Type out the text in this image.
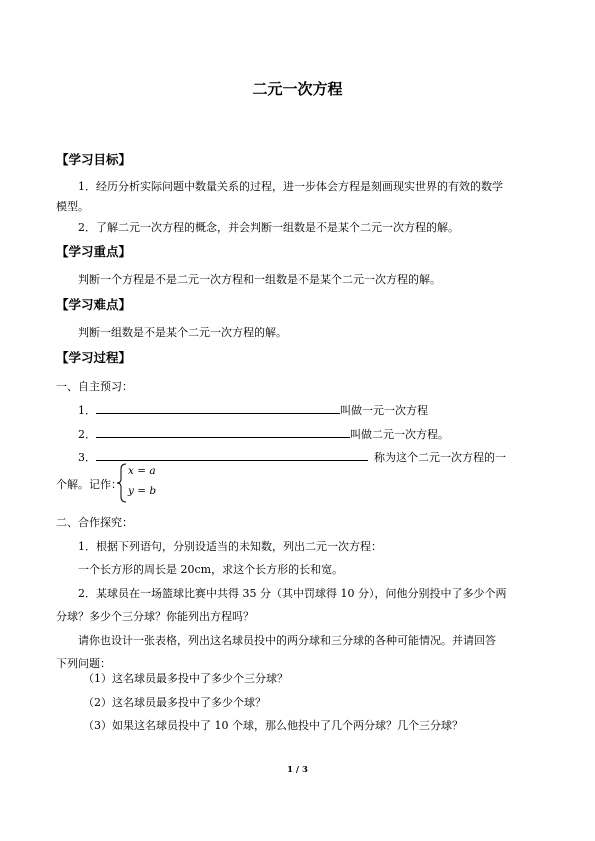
二元一次方程
【学习目标】
1．经历分析实际问题中数量关系的过程，进一步体会方程是刻画现实世界的有效的数学
模型。
2．了解二元一次方程的概念，并会判断一组数是不是某个二元一次方程的解。
【学习重点】
判断一个方程是不是二元一次方程和一组数是不是某个二元一次方程的解。
【学习难点】
判断一组数是不是某个二元一次方程的解。
【学习过程】
一、自主预习：
1．	叫做一元一次方程
2．	叫做二元一次方程。
3．	称为这个二元一次方程的一
个解。记作：
x = a
y = b
二、合作探究：
1．根据下列语句，分别设适当的未知数，列出二元一次方程：
一个长方形的周长是 20cm，求这个长方形的长和宽。
2．某球员在一场篮球比赛中共得 35 分（其中罚球得 10 分），问他分别投中了多少个两
分球？多少个三分球？你能列出方程吗？
请你也设计一张表格，列出这名球员投中的两分球和三分球的各种可能情况。并请回答
下列问题：
（1）这名球员最多投中了多少个三分球？
（2）这名球员最多投中了多少个球？
（3）如果这名球员投中了 10 个球，那么他投中了几个两分球？几个三分球？
1 / 3
